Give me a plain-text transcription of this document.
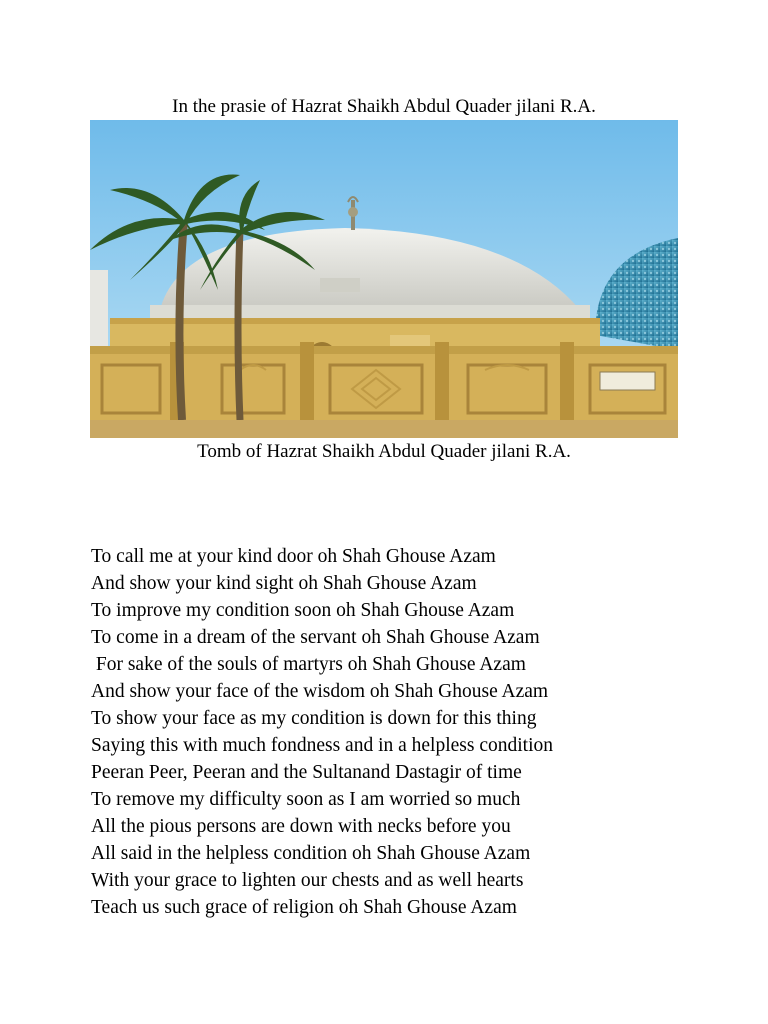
In the prasie of Hazrat Shaikh Abdul Quader jilani R.A.
Tomb of Hazrat Shaikh Abdul Quader jilani R.A.
To call me at your kind door oh Shah Ghouse Azam
And show your kind sight oh Shah Ghouse Azam
To improve my condition soon oh Shah Ghouse Azam
To come in a dream of the servant oh Shah Ghouse Azam
For sake of the souls of martyrs oh Shah Ghouse Azam
And show your face of the wisdom oh Shah Ghouse Azam
To show your face as my condition is down for this thing
Saying this with much fondness and in a helpless condition
Peeran Peer, Peeran and the Sultanand Dastagir of time
To remove my difficulty soon as I am worried so much
All the pious persons are down with necks before you
All said in the helpless condition oh Shah Ghouse Azam
With your grace to lighten our chests and as well hearts
Teach us such grace of religion oh Shah Ghouse Azam
